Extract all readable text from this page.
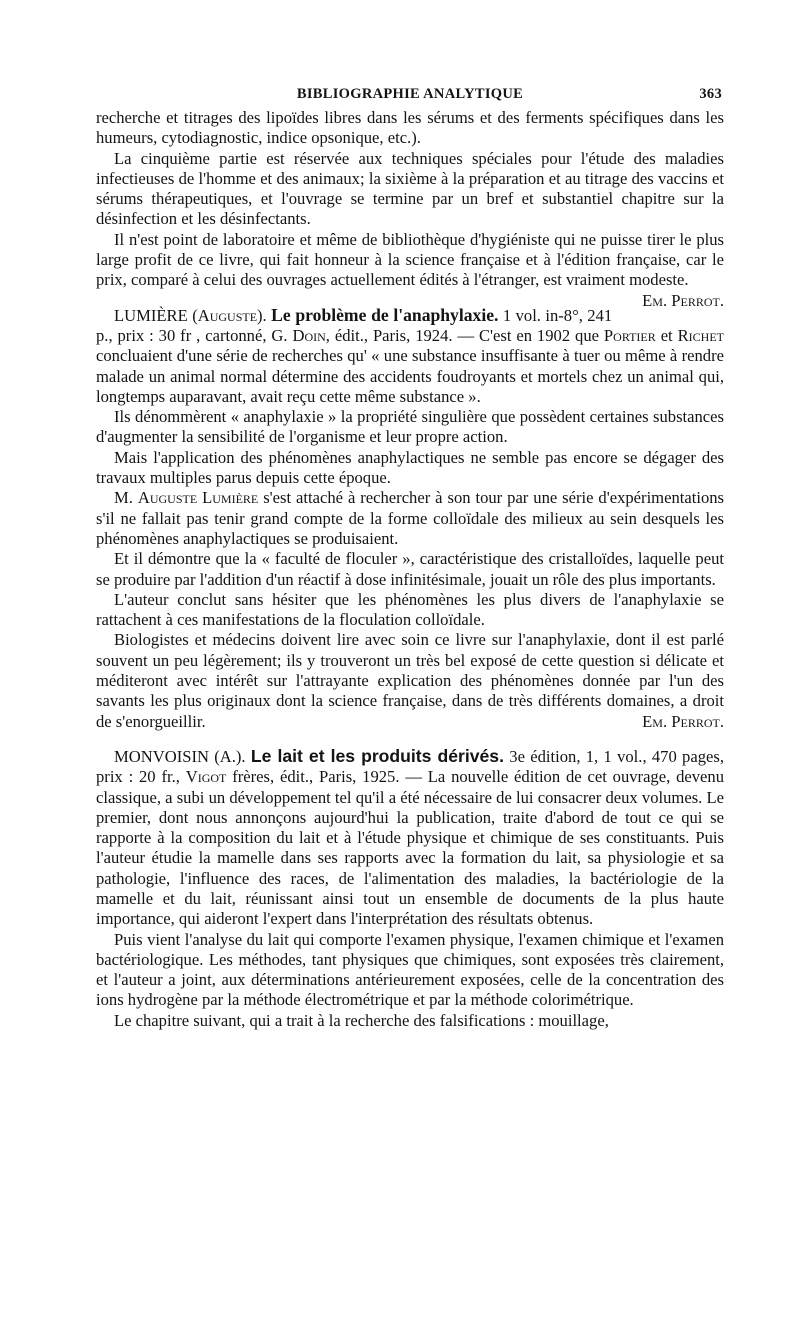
BIBLIOGRAPHIE ANALYTIQUE	363

recherche et titrages des lipoïdes libres dans les sérums et des ferments spécifiques dans les humeurs, cytodiagnostic, indice opsonique, etc.).

La cinquième partie est réservée aux techniques spéciales pour l'étude des maladies infectieuses de l'homme et des animaux; la sixième à la préparation et au titrage des vaccins et sérums thérapeutiques, et l'ouvrage se termine par un bref et substantiel chapitre sur la désinfection et les désinfectants.

Il n'est point de laboratoire et même de bibliothèque d'hygiéniste qui ne puisse tirer le plus large profit de ce livre, qui fait honneur à la science française et à l'édition française, car le prix, comparé à celui des ouvrages actuellement édités à l'étranger, est vraiment modeste.
Em. Perrot.

LUMIÈRE (Auguste). Le problème de l'anaphylaxie. 1 vol. in-8°, 241 p., prix : 30 fr , cartonné, G. Doin, édit., Paris, 1924. — C'est en 1902 que Portier et Richet concluaient d'une série de recherches qu' « une substance insuffisante à tuer ou même à rendre malade un animal normal détermine des accidents foudroyants et mortels chez un animal qui, longtemps auparavant, avait reçu cette même substance ».

Ils dénommèrent « anaphylaxie » la propriété singulière que possèdent certaines substances d'augmenter la sensibilité de l'organisme et leur propre action.

Mais l'application des phénomènes anaphylactiques ne semble pas encore se dégager des travaux multiples parus depuis cette époque.

M. Auguste Lumière s'est attaché à rechercher à son tour par une série d'expérimentations s'il ne fallait pas tenir grand compte de la forme colloïdale des milieux au sein desquels les phénomènes anaphylactiques se produisaient.

Et il démontre que la « faculté de floculer », caractéristique des cristalloïdes, laquelle peut se produire par l'addition d'un réactif à dose infinitésimale, jouait un rôle des plus importants.

L'auteur conclut sans hésiter que les phénomènes les plus divers de l'anaphylaxie se rattachent à ces manifestations de la floculation colloïdale.

Biologistes et médecins doivent lire avec soin ce livre sur l'anaphylaxie, dont il est parlé souvent un peu légèrement; ils y trouveront un très bel exposé de cette question si délicate et méditeront avec intérêt sur l'attrayante explication des phénomènes donnée par l'un des savants les plus originaux dont la science française, dans de très différents domaines, a droit de s'enorgueillir.	Em. Perrot.

MONVOISIN (A.). Le lait et les produits dérivés. 3e édition, 1, 1 vol., 470 pages, prix : 20 fr., Vigot frères, édit., Paris, 1925. — La nouvelle édition de cet ouvrage, devenu classique, a subi un développement tel qu'il a été nécessaire de lui consacrer deux volumes. Le premier, dont nous annonçons aujourd'hui la publication, traite d'abord de tout ce qui se rapporte à la composition du lait et à l'étude physique et chimique de ses constituants. Puis l'auteur étudie la mamelle dans ses rapports avec la formation du lait, sa physiologie et sa pathologie, l'influence des races, de l'alimentation des maladies, la bactériologie de la mamelle et du lait, réunissant ainsi tout un ensemble de documents de la plus haute importance, qui aideront l'expert dans l'interprétation des résultats obtenus.

Puis vient l'analyse du lait qui comporte l'examen physique, l'examen chimique et l'examen bactériologique. Les méthodes, tant physiques que chimiques, sont exposées très clairement, et l'auteur a joint, aux déterminations antérieurement exposées, celle de la concentration des ions hydrogène par la méthode électrométrique et par la méthode colorimétrique.

Le chapitre suivant, qui a trait à la recherche des falsifications : mouillage,
